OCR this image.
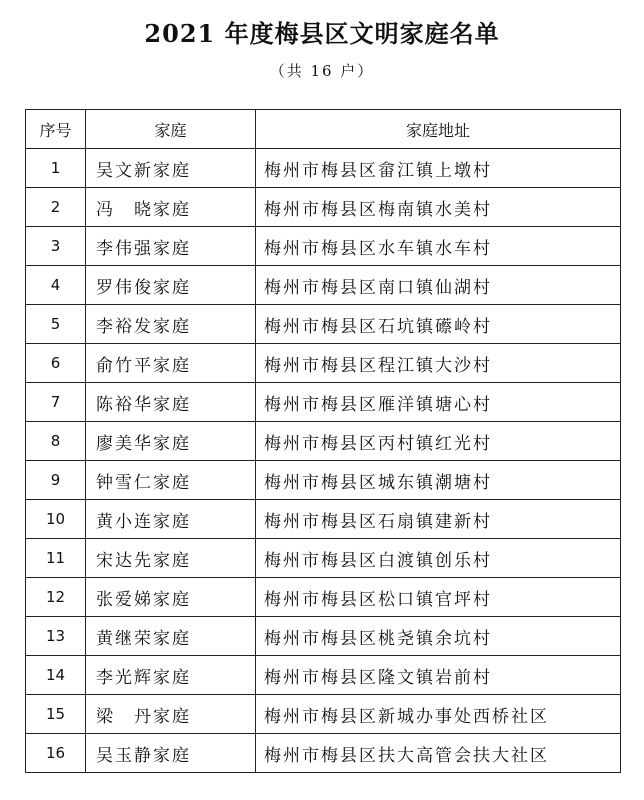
2021 年度梅县区文明家庭名单
（共 16 户）
序号	家庭	家庭地址
1	吴文新家庭	梅州市梅县区畲江镇上墩村
2	冯　晓家庭	梅州市梅县区梅南镇水美村
3	李伟强家庭	梅州市梅县区水车镇水车村
4	罗伟俊家庭	梅州市梅县区南口镇仙湖村
5	李裕发家庭	梅州市梅县区石坑镇礤岭村
6	俞竹平家庭	梅州市梅县区程江镇大沙村
7	陈裕华家庭	梅州市梅县区雁洋镇塘心村
8	廖美华家庭	梅州市梅县区丙村镇红光村
9	钟雪仁家庭	梅州市梅县区城东镇潮塘村
10	黄小连家庭	梅州市梅县区石扇镇建新村
11	宋达先家庭	梅州市梅县区白渡镇创乐村
12	张爱娣家庭	梅州市梅县区松口镇官坪村
13	黄继荣家庭	梅州市梅县区桃尧镇余坑村
14	李光辉家庭	梅州市梅县区隆文镇岩前村
15	梁　丹家庭	梅州市梅县区新城办事处西桥社区
16	吴玉静家庭	梅州市梅县区扶大高管会扶大社区
